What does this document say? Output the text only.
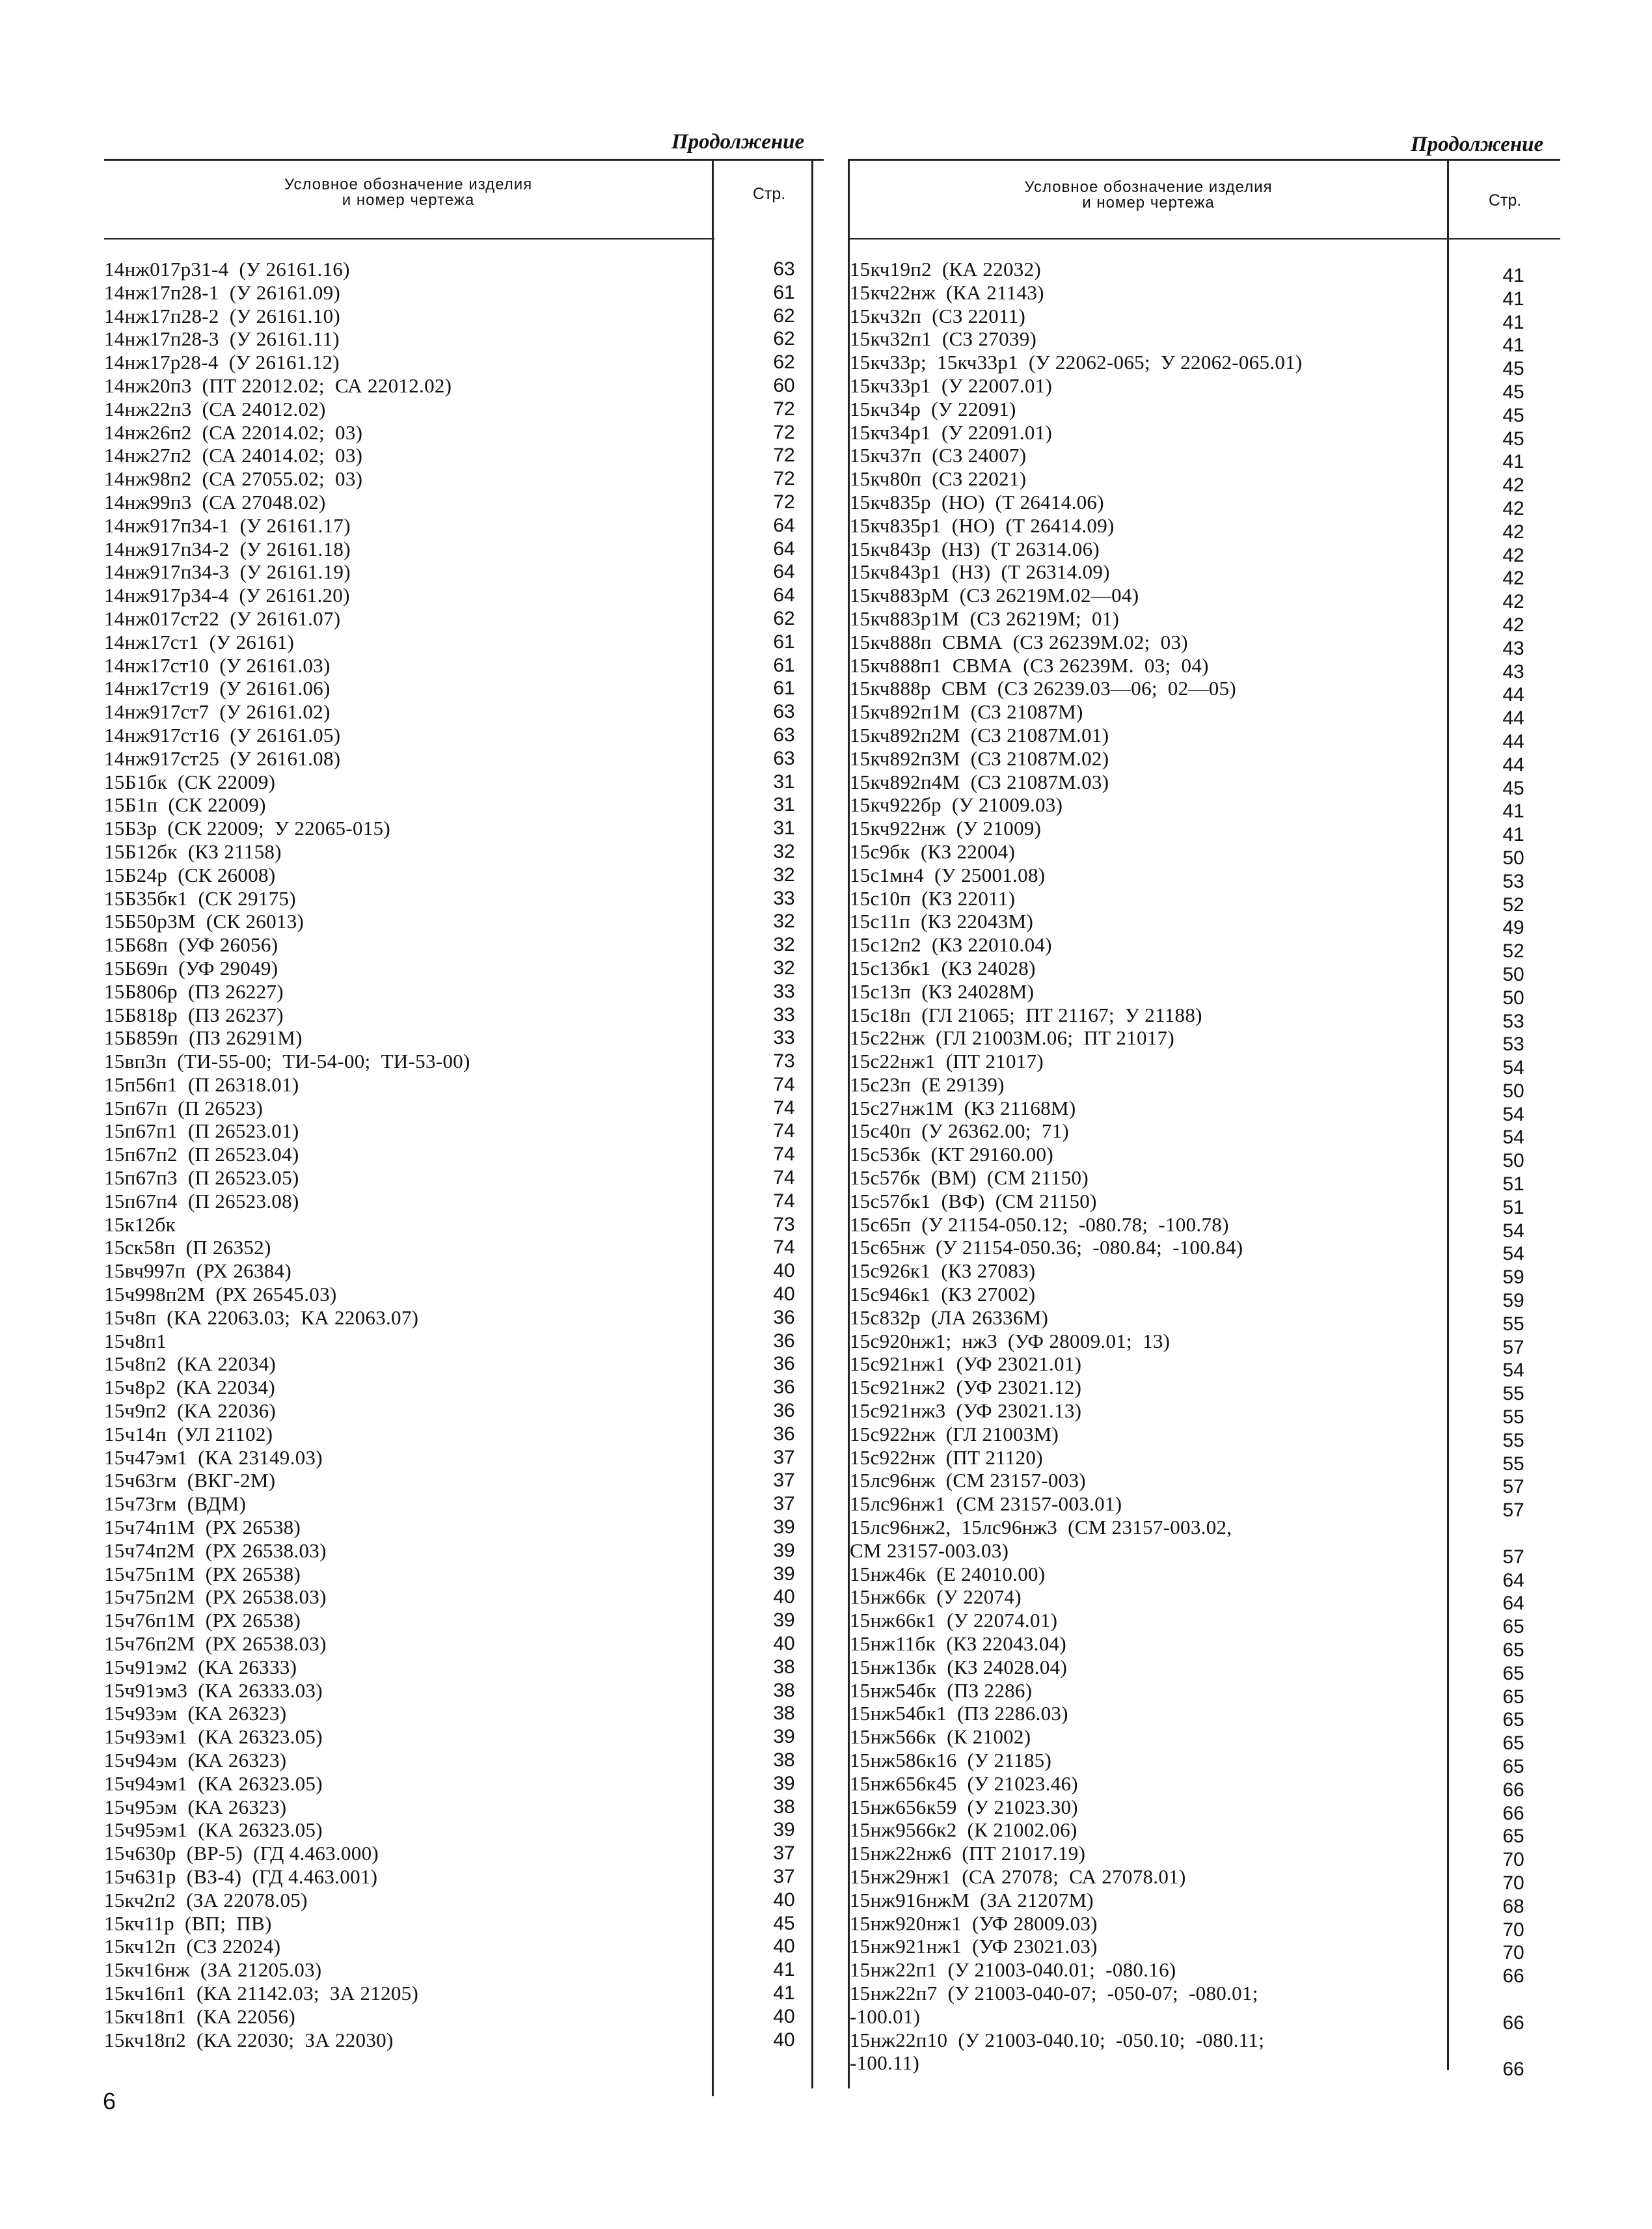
Продолжение	Продолжение
Условное обозначение изделия
и номер чертежа	Стр.
14нж017р31-4  (У 26161.16)	63
14нж17п28-1  (У 26161.09)	61
14нж17п28-2  (У 26161.10)	62
14нж17п28-3  (У 26161.11)	62
14нж17р28-4  (У 26161.12)	62
14нж20п3  (ПТ 22012.02;  СА 22012.02)	60
14нж22п3  (СА 24012.02)	72
14нж26п2  (СА 22014.02;  03)	72
14нж27п2  (СА 24014.02;  03)	72
14нж98п2  (СА 27055.02;  03)	72
14нж99п3  (СА 27048.02)	72
14нж917п34-1  (У 26161.17)	64
14нж917п34-2  (У 26161.18)	64
14нж917п34-3  (У 26161.19)	64
14нж917р34-4  (У 26161.20)	64
14нж017ст22  (У 26161.07)	62
14нж17ст1  (У 26161)	61
14нж17ст10  (У 26161.03)	61
14нж17ст19  (У 26161.06)	61
14нж917ст7  (У 26161.02)	63
14нж917ст16  (У 26161.05)	63
14нж917ст25  (У 26161.08)	63
15Б1бк  (СК 22009)	31
15Б1п  (СК 22009)	31
15Б3р  (СК 22009;  У 22065-015)	31
15Б12бк  (КЗ 21158)	32
15Б24р  (СК 26008)	32
15Б35бк1  (СК 29175)	33
15Б50р3М  (СК 26013)	32
15Б68п  (УФ 26056)	32
15Б69п  (УФ 29049)	32
15Б806р  (ПЗ 26227)	33
15Б818р  (ПЗ 26237)	33
15Б859п  (ПЗ 26291М)	33
15вп3п  (ТИ-55-00;  ТИ-54-00;  ТИ-53-00)	73
15п56п1  (П 26318.01)	74
15п67п  (П 26523)	74
15п67п1  (П 26523.01)	74
15п67п2  (П 26523.04)	74
15п67п3  (П 26523.05)	74
15п67п4  (П 26523.08)	74
15к12бк	73
15ск58п  (П 26352)	74
15вч997п  (РХ 26384)	40
15ч998п2М  (РХ 26545.03)	40
15ч8п  (КА 22063.03;  КА 22063.07)	36
15ч8п1	36
15ч8п2  (КА 22034)	36
15ч8р2  (КА 22034)	36
15ч9п2  (КА 22036)	36
15ч14п  (УЛ 21102)	36
15ч47эм1  (КА 23149.03)	37
15ч63гм  (ВКГ-2М)	37
15ч73гм  (ВДМ)	37
15ч74п1М  (РХ 26538)	39
15ч74п2М  (РХ 26538.03)	39
15ч75п1М  (РХ 26538)	39
15ч75п2М  (РХ 26538.03)	40
15ч76п1М  (РХ 26538)	39
15ч76п2М  (РХ 26538.03)	40
15ч91эм2  (КА 26333)	38
15ч91эм3  (КА 26333.03)	38
15ч93эм  (КА 26323)	38
15ч93эм1  (КА 26323.05)	39
15ч94эм  (КА 26323)	38
15ч94эм1  (КА 26323.05)	39
15ч95эм  (КА 26323)	38
15ч95эм1  (КА 26323.05)	39
15ч630р  (ВР-5)  (ГД 4.463.000)	37
15ч631р  (ВЗ-4)  (ГД 4.463.001)	37
15кч2п2  (ЗА 22078.05)	40
15кч11р  (ВП;  ПВ)	45
15кч12п  (СЗ 22024)	40
15кч16нж  (ЗА 21205.03)	41
15кч16п1  (КА 21142.03;  ЗА 21205)	41
15кч18п1  (КА 22056)	40
15кч18п2  (КА 22030;  ЗА 22030)	40
Условное обозначение изделия
и номер чертежа	Стр.
15кч19п2  (КА 22032)	41
15кч22нж  (КА 21143)	41
15кч32п  (СЗ 22011)	41
15кч32п1  (СЗ 27039)	41
15кч33р;  15кч33р1  (У 22062-065;  У 22062-065.01)	45
15кч33р1  (У 22007.01)	45
15кч34р  (У 22091)	45
15кч34р1  (У 22091.01)	45
15кч37п  (СЗ 24007)	41
15кч80п  (СЗ 22021)	42
15кч835р  (НО)  (Т 26414.06)	42
15кч835р1  (НО)  (Т 26414.09)	42
15кч843р  (НЗ)  (Т 26314.06)	42
15кч843р1  (НЗ)  (Т 26314.09)	42
15кч883рМ  (СЗ 26219М.02—04)	42
15кч883р1М  (СЗ 26219М;  01)	42
15кч888п  СВМА  (СЗ 26239М.02;  03)	43
15кч888п1  СВМА  (СЗ 26239М.  03;  04)	43
15кч888р  СВМ  (СЗ 26239.03—06;  02—05)	44
15кч892п1М  (СЗ 21087М)	44
15кч892п2М  (СЗ 21087М.01)	44
15кч892п3М  (СЗ 21087М.02)	44
15кч892п4М  (СЗ 21087М.03)	45
15кч922бр  (У 21009.03)	41
15кч922нж  (У 21009)	41
15с9бк  (КЗ 22004)	50
15с1мн4  (У 25001.08)	53
15с10п  (КЗ 22011)	52
15с11п  (КЗ 22043М)	49
15с12п2  (КЗ 22010.04)	52
15с13бк1  (КЗ 24028)	50
15с13п  (КЗ 24028М)	50
15с18п  (ГЛ 21065;  ПТ 21167;  У 21188)	53
15с22нж  (ГЛ 21003М.06;  ПТ 21017)	53
15с22нж1  (ПТ 21017)	54
15с23п  (Е 29139)	50
15с27нж1М  (КЗ 21168М)	54
15с40п  (У 26362.00;  71)	54
15с53бк  (КТ 29160.00)	50
15с57бк  (ВМ)  (СМ 21150)	51
15с57бк1  (ВФ)  (СМ 21150)	51
15с65п  (У 21154-050.12;  -080.78;  -100.78)	54
15с65нж  (У 21154-050.36;  -080.84;  -100.84)	54
15с926к1  (КЗ 27083)	59
15с946к1  (КЗ 27002)	59
15с832р  (ЛА 26336М)	55
15с920нж1;  нж3  (УФ 28009.01;  13)	57
15с921нж1  (УФ 23021.01)	54
15с921нж2  (УФ 23021.12)	55
15с921нж3  (УФ 23021.13)	55
15с922нж  (ГЛ 21003М)	55
15с922нж  (ПТ 21120)	55
15лс96нж  (СМ 23157-003)	57
15лс96нж1  (СМ 23157-003.01)	57
15лс96нж2,  15лс96нж3  (СМ 23157-003.02,
СМ 23157-003.03)	57
15нж46к  (Е 24010.00)	64
15нж66к  (У 22074)	64
15нж66к1  (У 22074.01)	65
15нж11бк  (КЗ 22043.04)	65
15нж13бк  (КЗ 24028.04)	65
15нж54бк  (ПЗ 2286)	65
15нж54бк1  (ПЗ 2286.03)	65
15нж566к  (К 21002)	65
15нж586к16  (У 21185)	65
15нж656к45  (У 21023.46)	66
15нж656к59  (У 21023.30)	66
15нж9566к2  (К 21002.06)	65
15нж22нж6  (ПТ 21017.19)	70
15нж29нж1  (СА 27078;  СА 27078.01)	70
15нж916нжМ  (ЗА 21207М)	68
15нж920нж1  (УФ 28009.03)	70
15нж921нж1  (УФ 23021.03)	70
15нж22п1  (У 21003-040.01;  -080.16)	66
15нж22п7  (У 21003-040-07;  -050-07;  -080.01;
-100.01)	66
15нж22п10  (У 21003-040.10;  -050.10;  -080.11;
-100.11)	66
6
